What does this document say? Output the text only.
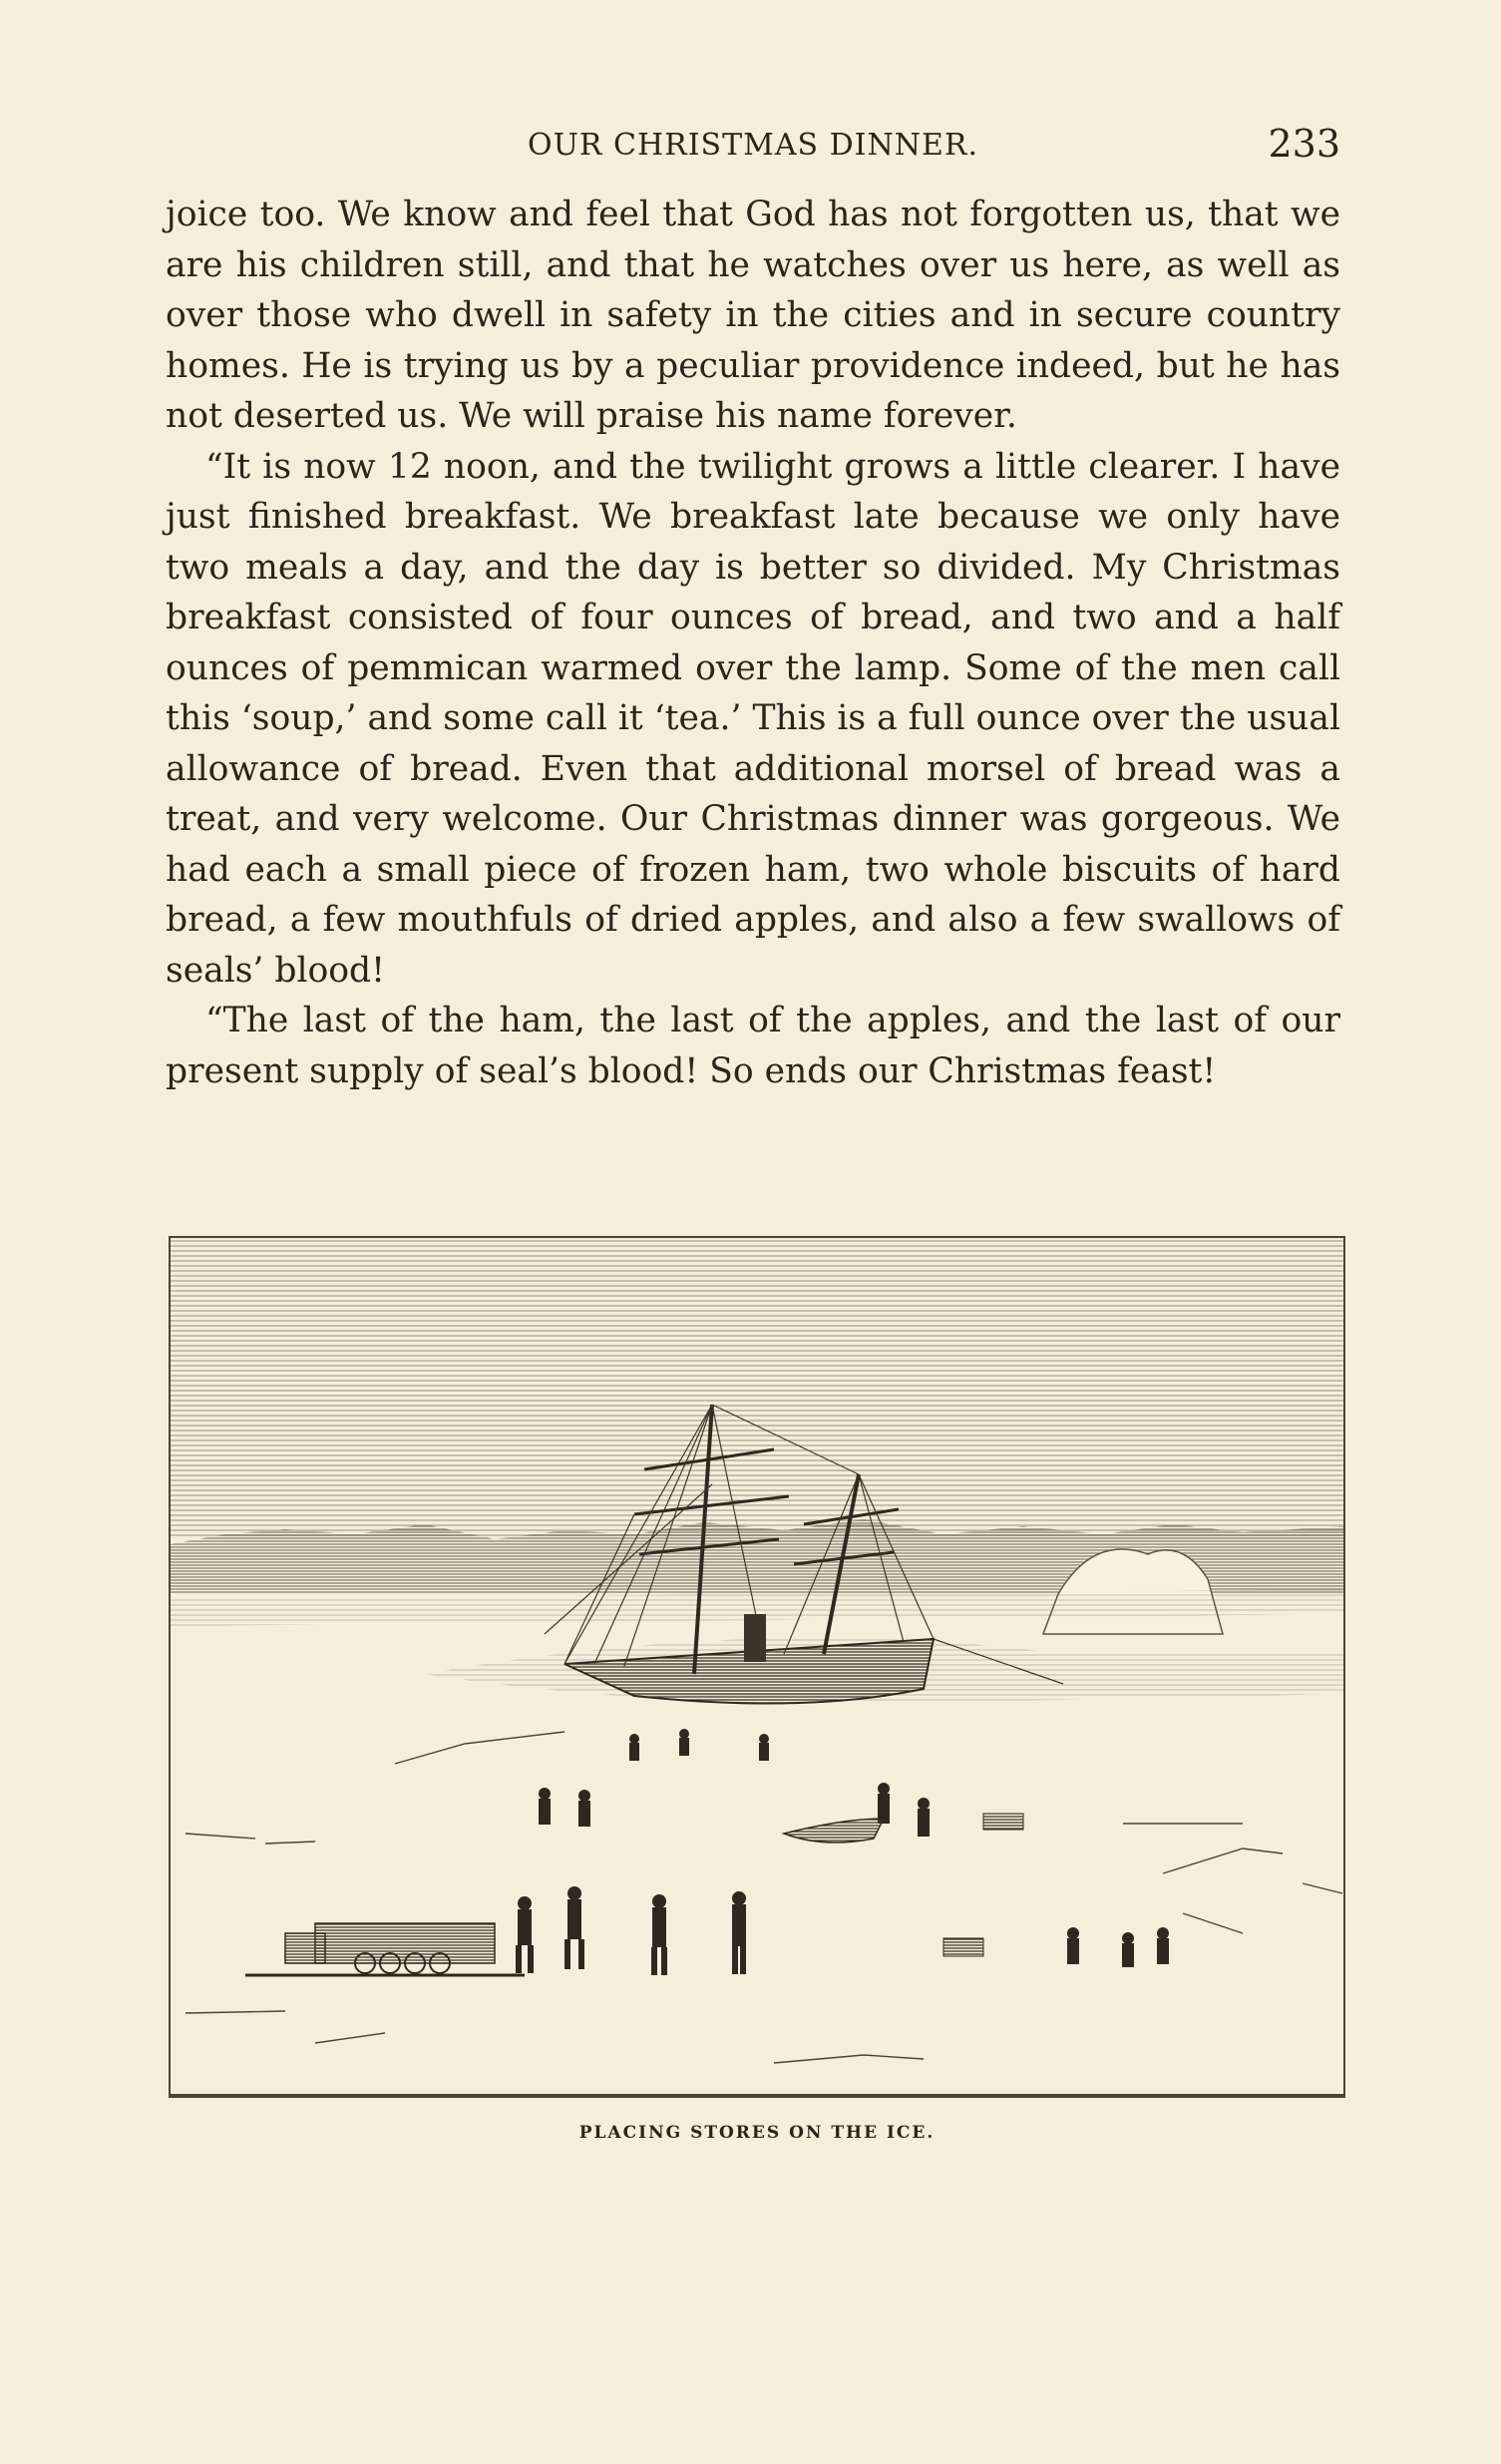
OUR CHRISTMAS DINNER.	233

joice too. We know and feel that God has not forgotten us, that we are his children still, and that he watches over us here, as well as over those who dwell in safety in the cities and in secure country homes. He is trying us by a peculiar providence indeed, but he has not deserted us. We will praise his name forever.

“It is now 12 noon, and the twilight grows a little clearer. I have just finished breakfast. We breakfast late because we only have two meals a day, and the day is better so divided. My Christmas breakfast consisted of four ounces of bread, and two and a half ounces of pemmican warmed over the lamp. Some of the men call this ‘soup,’ and some call it ‘tea.’ This is a full ounce over the usual allowance of bread. Even that additional morsel of bread was a treat, and very welcome. Our Christmas dinner was gorgeous. We had each a small piece of frozen ham, two whole biscuits of hard bread, a few mouthfuls of dried apples, and also a few swallows of seals’ blood!

“The last of the ham, the last of the apples, and the last of our present supply of seal’s blood! So ends our Christmas feast!

PLACING STORES ON THE ICE.
